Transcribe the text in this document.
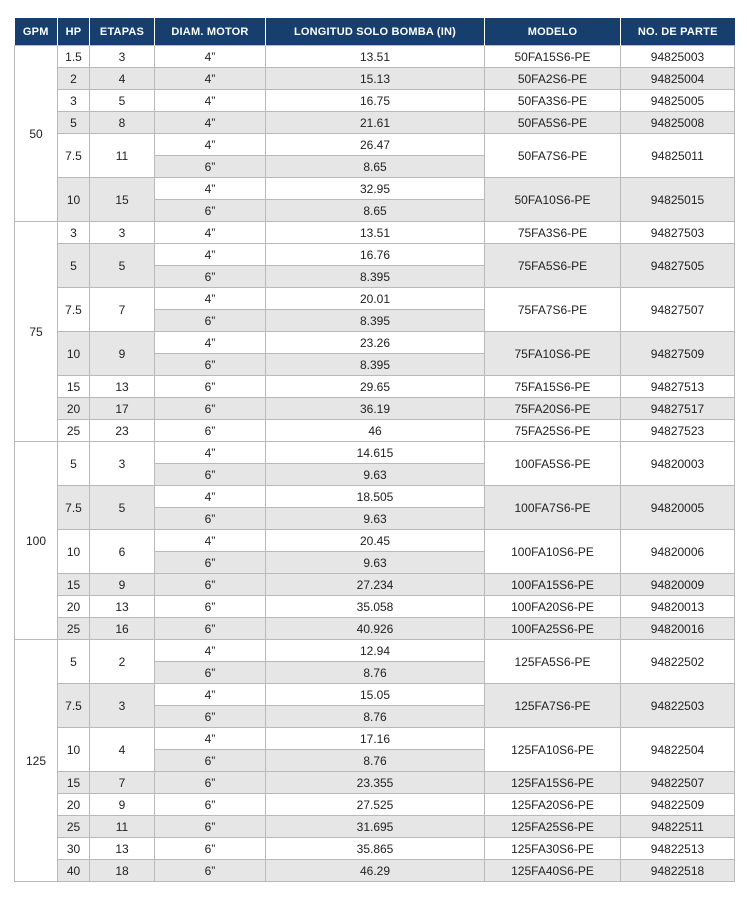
GPM	HP	ETAPAS	DIAM. MOTOR	LONGITUD SOLO BOMBA (IN)	MODELO	NO. DE PARTE
50	1.5	3	4”	13.51	50FA15S6-PE	94825003
	2	4	4”	15.13	50FA2S6-PE	94825004
	3	5	4”	16.75	50FA3S6-PE	94825005
	5	8	4”	21.61	50FA5S6-PE	94825008
	7.5	11	4”	26.47	50FA7S6-PE	94825011
			6”	8.65		
	10	15	4”	32.95	50FA10S6-PE	94825015
			6”	8.65		
75	3	3	4”	13.51	75FA3S6-PE	94827503
	5	5	4”	16.76	75FA5S6-PE	94827505
			6”	8.395		
	7.5	7	4”	20.01	75FA7S6-PE	94827507
			6”	8.395		
	10	9	4”	23.26	75FA10S6-PE	94827509
			6”	8.395		
	15	13	6”	29.65	75FA15S6-PE	94827513
	20	17	6”	36.19	75FA20S6-PE	94827517
	25	23	6”	46	75FA25S6-PE	94827523
100	5	3	4”	14.615	100FA5S6-PE	94820003
			6”	9.63		
	7.5	5	4”	18.505	100FA7S6-PE	94820005
			6”	9.63		
	10	6	4”	20.45	100FA10S6-PE	94820006
			6”	9.63		
	15	9	6”	27.234	100FA15S6-PE	94820009
	20	13	6”	35.058	100FA20S6-PE	94820013
	25	16	6”	40.926	100FA25S6-PE	94820016
125	5	2	4”	12.94	125FA5S6-PE	94822502
			6”	8.76		
	7.5	3	4”	15.05	125FA7S6-PE	94822503
			6”	8.76		
	10	4	4”	17.16	125FA10S6-PE	94822504
			6”	8.76		
	15	7	6”	23.355	125FA15S6-PE	94822507
	20	9	6”	27.525	125FA20S6-PE	94822509
	25	11	6”	31.695	125FA25S6-PE	94822511
	30	13	6”	35.865	125FA30S6-PE	94822513
	40	18	6”	46.29	125FA40S6-PE	94822518
